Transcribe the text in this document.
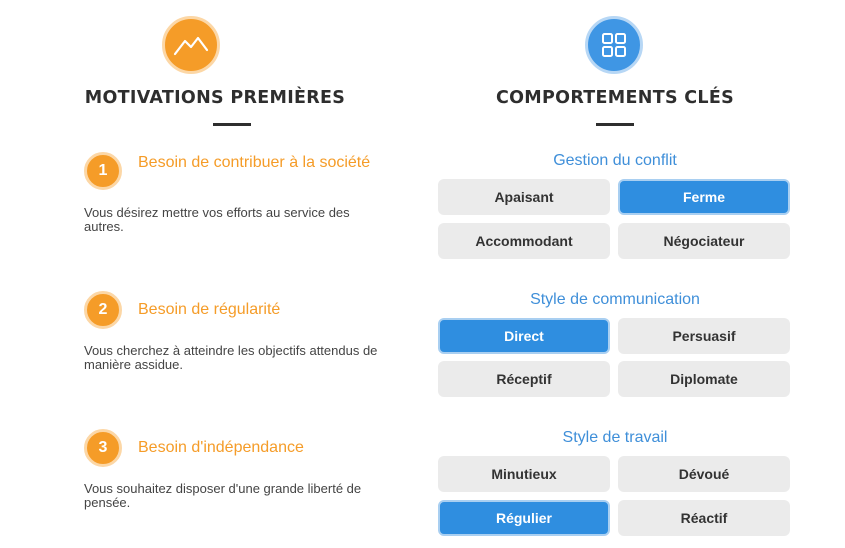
MOTIVATIONS PREMIÈRES	COMPORTEMENTS CLÉS
1	Besoin de contribuer à la société
Vous désirez mettre vos efforts au service des autres.
2	Besoin de régularité
Vous cherchez à atteindre les objectifs attendus de manière assidue.
3	Besoin d'indépendance
Vous souhaitez disposer d'une grande liberté de pensée.
Gestion du conflit
Apaisant	Ferme
Accommodant	Négociateur
Style de communication
Direct	Persuasif
Réceptif	Diplomate
Style de travail
Minutieux	Dévoué
Régulier	Réactif
